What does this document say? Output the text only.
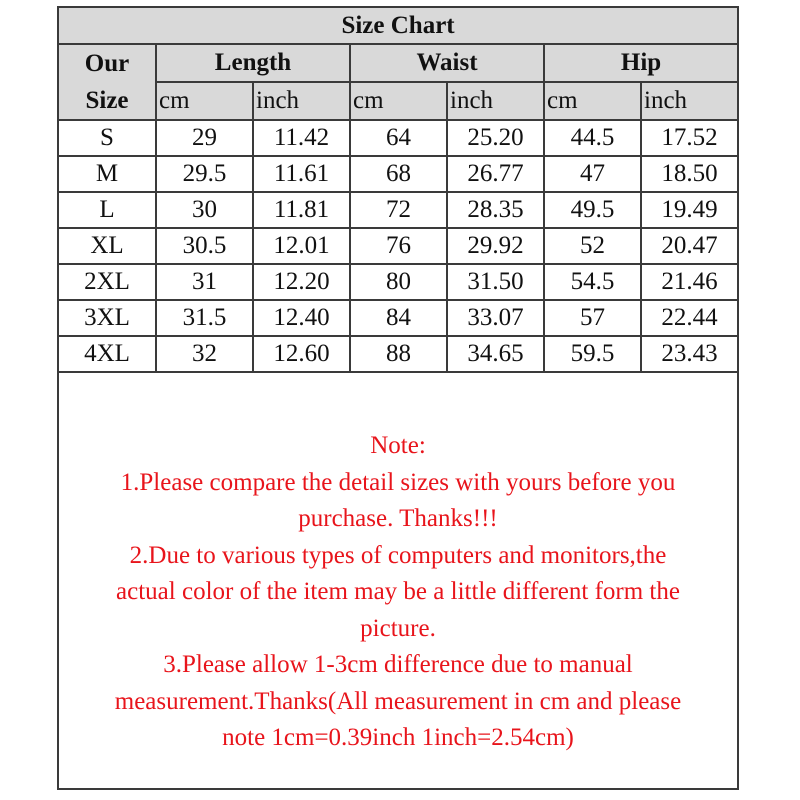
Size Chart						
Our
Size	Length		Waist		Hip	
	cm	inch	cm	inch	cm	inch
S	29	11.42	64	25.20	44.5	17.52
M	29.5	11.61	68	26.77	47	18.50
L	30	11.81	72	28.35	49.5	19.49
XL	30.5	12.01	76	29.92	52	20.47
2XL	31	12.20	80	31.50	54.5	21.46
3XL	31.5	12.40	84	33.07	57	22.44
4XL	32	12.60	88	34.65	59.5	23.43
Note:
1.Please compare the detail sizes with yours before you
purchase. Thanks!!!
2.Due to various types of computers and monitors,the
actual color of the item may be a little different form the
picture.
3.Please allow 1-3cm difference due to manual
measurement.Thanks(All measurement in cm and please
note 1cm=0.39inch 1inch=2.54cm)
